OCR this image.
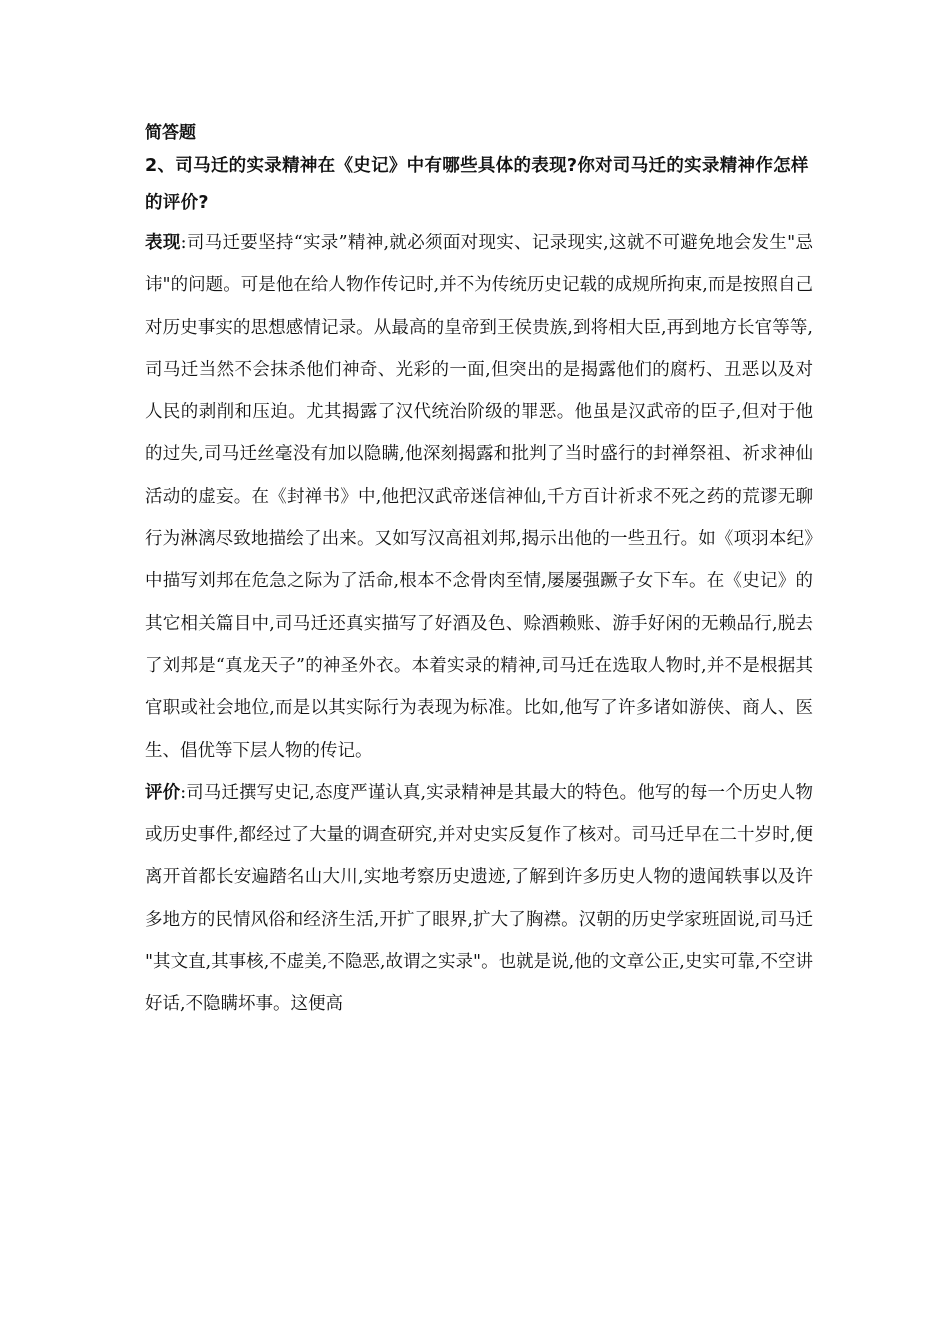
简答题

2、司马迁的实录精神在《史记》中有哪些具体的表现?你对司马迁的实录精神作怎样的评价?

表现:司马迁要坚持“实录”精神,就必须面对现实、记录现实,这就不可避免地会发生"忌讳"的问题。可是他在给人物作传记时,并不为传统历史记载的成规所拘束,而是按照自己对历史事实的思想感情记录。从最高的皇帝到王侯贵族,到将相大臣,再到地方长官等等,司马迁当然不会抹杀他们神奇、光彩的一面,但突出的是揭露他们的腐朽、丑恶以及对人民的剥削和压迫。尤其揭露了汉代统治阶级的罪恶。他虽是汉武帝的臣子,但对于他的过失,司马迁丝毫没有加以隐瞒,他深刻揭露和批判了当时盛行的封禅祭祖、祈求神仙活动的虚妄。在《封禅书》中,他把汉武帝迷信神仙,千方百计祈求不死之药的荒谬无聊行为淋漓尽致地描绘了出来。又如写汉高祖刘邦,揭示出他的一些丑行。如《项羽本纪》中描写刘邦在危急之际为了活命,根本不念骨肉至情,屡屡强蹶子女下车。在《史记》的其它相关篇目中,司马迁还真实描写了好酒及色、赊酒赖账、游手好闲的无赖品行,脱去了刘邦是“真龙天子”的神圣外衣。本着实录的精神,司马迁在选取人物时,并不是根据其官职或社会地位,而是以其实际行为表现为标准。比如,他写了许多诸如游侠、商人、医生、倡优等下层人物的传记。

评价:司马迁撰写史记,态度严谨认真,实录精神是其最大的特色。他写的每一个历史人物或历史事件,都经过了大量的调查研究,并对史实反复作了核对。司马迁早在二十岁时,便离开首都长安遍踏名山大川,实地考察历史遗迹,了解到许多历史人物的遗闻轶事以及许多地方的民情风俗和经济生活,开扩了眼界,扩大了胸襟。汉朝的历史学家班固说,司马迁 "其文直,其事核,不虚美,不隐恶,故谓之实录"。也就是说,他的文章公正,史实可靠,不空讲好话,不隐瞒坏事。这便高
